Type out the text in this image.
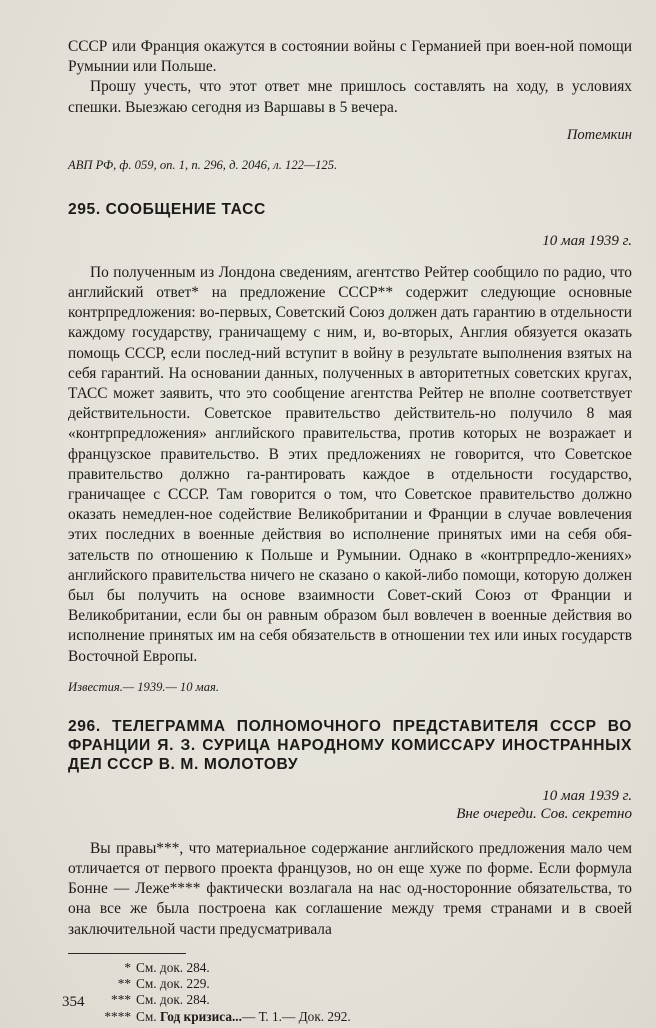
СССР или Франция окажутся в состоянии войны с Германией при воен-ной помощи Румынии или Польше.

Прошу учесть, что этот ответ мне пришлось составлять на ходу, в условиях спешки. Выезжаю сегодня из Варшавы в 5 вечера.

Потемкин
АВП РФ, ф. 059, оп. 1, п. 296, д. 2046, л. 122—125.
295. СООБЩЕНИЕ ТАСС
10 мая 1939 г.

По полученным из Лондона сведениям, агентство Рейтер сообщило по радио, что английский ответ* на предложение СССР** содержит следующие основные контрпредложения: во-первых, Советский Союз должен дать гарантию в отдельности каждому государству, граничащему с ним, и, во-вторых, Англия обязуется оказать помощь СССР, если послед-ний вступит в войну в результате выполнения взятых на себя гарантий. На основании данных, полученных в авторитетных советских кругах, ТАСС может заявить, что это сообщение агентства Рейтер не вполне соответствует действительности. Советское правительство действитель-но получило 8 мая «контрпредложения» английского правительства, против которых не возражает и французское правительство. В этих предложениях не говорится, что Советское правительство должно га-рантировать каждое в отдельности государство, граничащее с СССР. Там говорится о том, что Советское правительство должно оказать немедлен-ное содействие Великобритании и Франции в случае вовлечения этих последних в военные действия во исполнение принятых ими на себя обя-зательств по отношению к Польше и Румынии. Однако в «контрпредло-жениях» английского правительства ничего не сказано о какой-либо помощи, которую должен был бы получить на основе взаимности Совет-ский Союз от Франции и Великобритании, если бы он равным образом был вовлечен в военные действия во исполнение принятых им на себя обязательств в отношении тех или иных государств Восточной Европы.

Известия.— 1939.— 10 мая.
296. ТЕЛЕГРАММА ПОЛНОМОЧНОГО ПРЕДСТАВИТЕЛЯ СССР ВО ФРАНЦИИ Я. З. СУРИЦА НАРОДНОМУ КОМИССАРУ ИНОСТРАННЫХ ДЕЛ СССР В. М. МОЛОТОВУ
10 мая 1939 г.
Вне очереди. Сов. секретно

Вы правы***, что материальное содержание английского предложения мало чем отличается от первого проекта французов, но он еще хуже по форме. Если формула Бонне — Леже**** фактически возлагала на нас од-носторонние обязательства, то она все же была построена как соглашение между тремя странами и в своей заключительной части предусматривала

* См. док. 284.
** См. док. 229.
*** См. док. 284.
**** См. Год кризиса...— Т. 1.— Док. 292.
354
